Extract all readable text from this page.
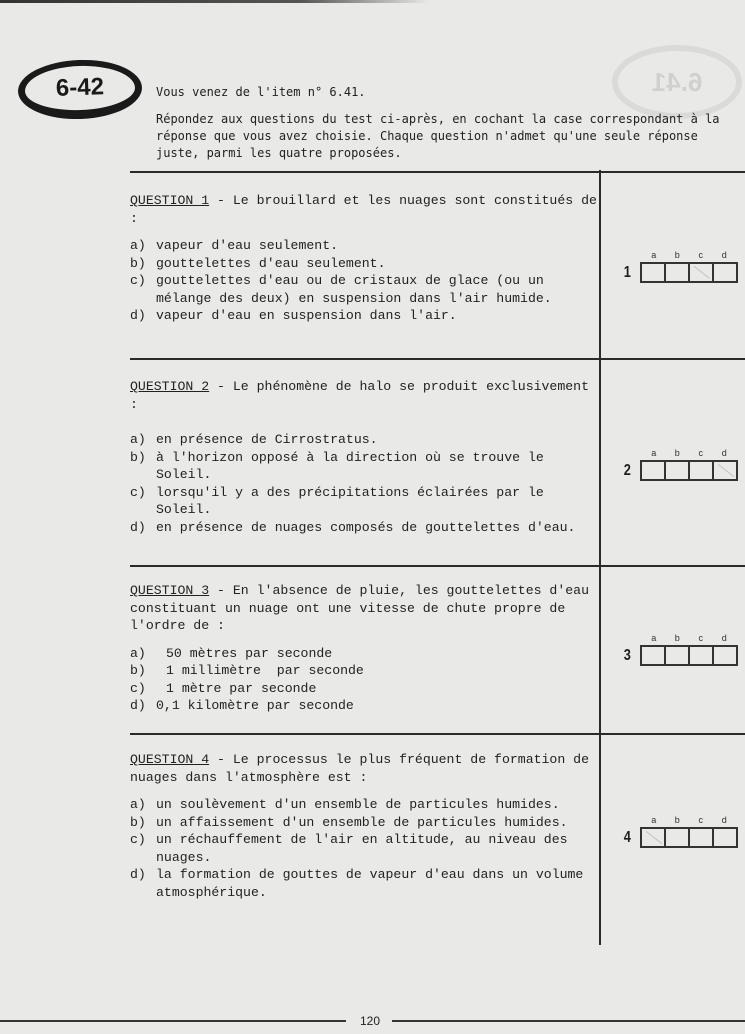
6.41
6-42	Vous venez de l'item n° 6.41.
Répondez aux questions du test ci-après, en cochant la case correspondant à la réponse que vous avez choisie. Chaque question n'admet qu'une seule réponse juste, parmi les quatre proposées.
QUESTION 1 - Le brouillard et les nuages sont constitués de :
a) vapeur d'eau seulement.
b) gouttelettes d'eau seulement.
c) gouttelettes d'eau ou de cristaux de glace (ou un mélange des deux) en suspension dans l'air humide.
d) vapeur d'eau en suspension dans l'air.
QUESTION 2 - Le phénomène de halo se produit exclusivement :
a) en présence de Cirrostratus.
b) à l'horizon opposé à la direction où se trouve le Soleil.
c) lorsqu'il y a des précipitations éclairées par le Soleil.
d) en présence de nuages composés de gouttelettes d'eau.
QUESTION 3 - En l'absence de pluie, les gouttelettes d'eau constituant un nuage ont une vitesse de chute propre de l'ordre de :
a)	50 mètres par seconde
b)	1 millimètre  par seconde
c)	1 mètre par seconde
d) 0,1 kilomètre par seconde
QUESTION 4 - Le processus le plus fréquent de formation de nuages dans l'atmosphère est :
a) un soulèvement d'un ensemble de particules humides.
b) un affaissement d'un ensemble de particules humides.
c) un réchauffement de l'air en altitude, au niveau des nuages.
d) la formation de gouttes de vapeur d'eau dans un volume atmosphérique.
a	b	c	d
1
a	b	c	d
2
a	b	c	d
3
a	b	c	d
4
120
